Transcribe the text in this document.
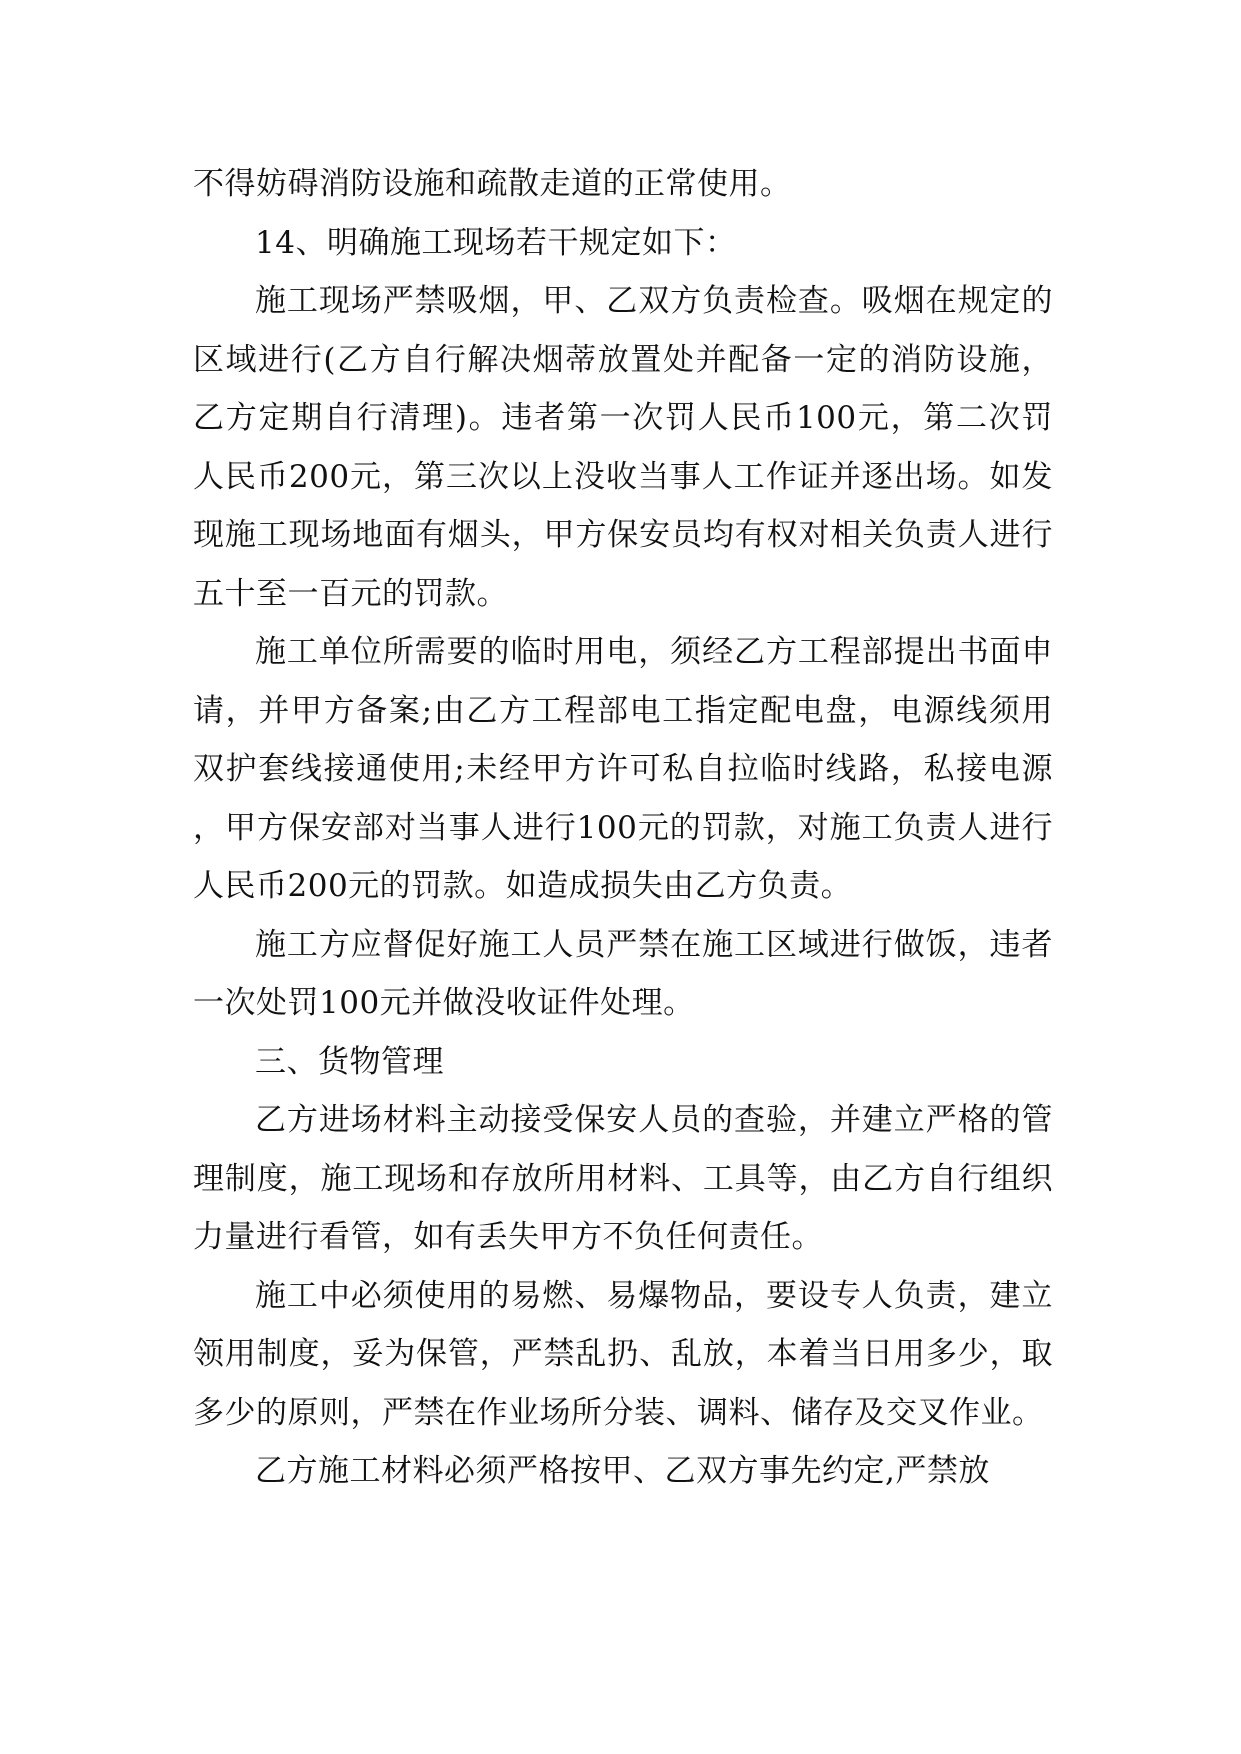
不得妨碍消防设施和疏散走道的正常使用。

14、明确施工现场若干规定如下：

施工现场严禁吸烟，甲、乙双方负责检查。吸烟在规定的区域进行(乙方自行解决烟蒂放置处并配备一定的消防设施，乙方定期自行清理)。违者第一次罚人民币100元，第二次罚人民币200元，第三次以上没收当事人工作证并逐出场。如发现施工现场地面有烟头，甲方保安员均有权对相关负责人进行五十至一百元的罚款。

施工单位所需要的临时用电，须经乙方工程部提出书面申请，并甲方备案;由乙方工程部电工指定配电盘，电源线须用双护套线接通使用;未经甲方许可私自拉临时线路，私接电源，甲方保安部对当事人进行100元的罚款，对施工负责人进行人民币200元的罚款。如造成损失由乙方负责。

施工方应督促好施工人员严禁在施工区域进行做饭，违者一次处罚100元并做没收证件处理。

三、货物管理

乙方进场材料主动接受保安人员的查验，并建立严格的管理制度，施工现场和存放所用材料、工具等，由乙方自行组织力量进行看管，如有丢失甲方不负任何责任。

施工中必须使用的易燃、易爆物品，要设专人负责，建立领用制度，妥为保管，严禁乱扔、乱放，本着当日用多少，取多少的原则，严禁在作业场所分装、调料、储存及交叉作业。

乙方施工材料必须严格按甲、乙双方事先约定,严禁放
